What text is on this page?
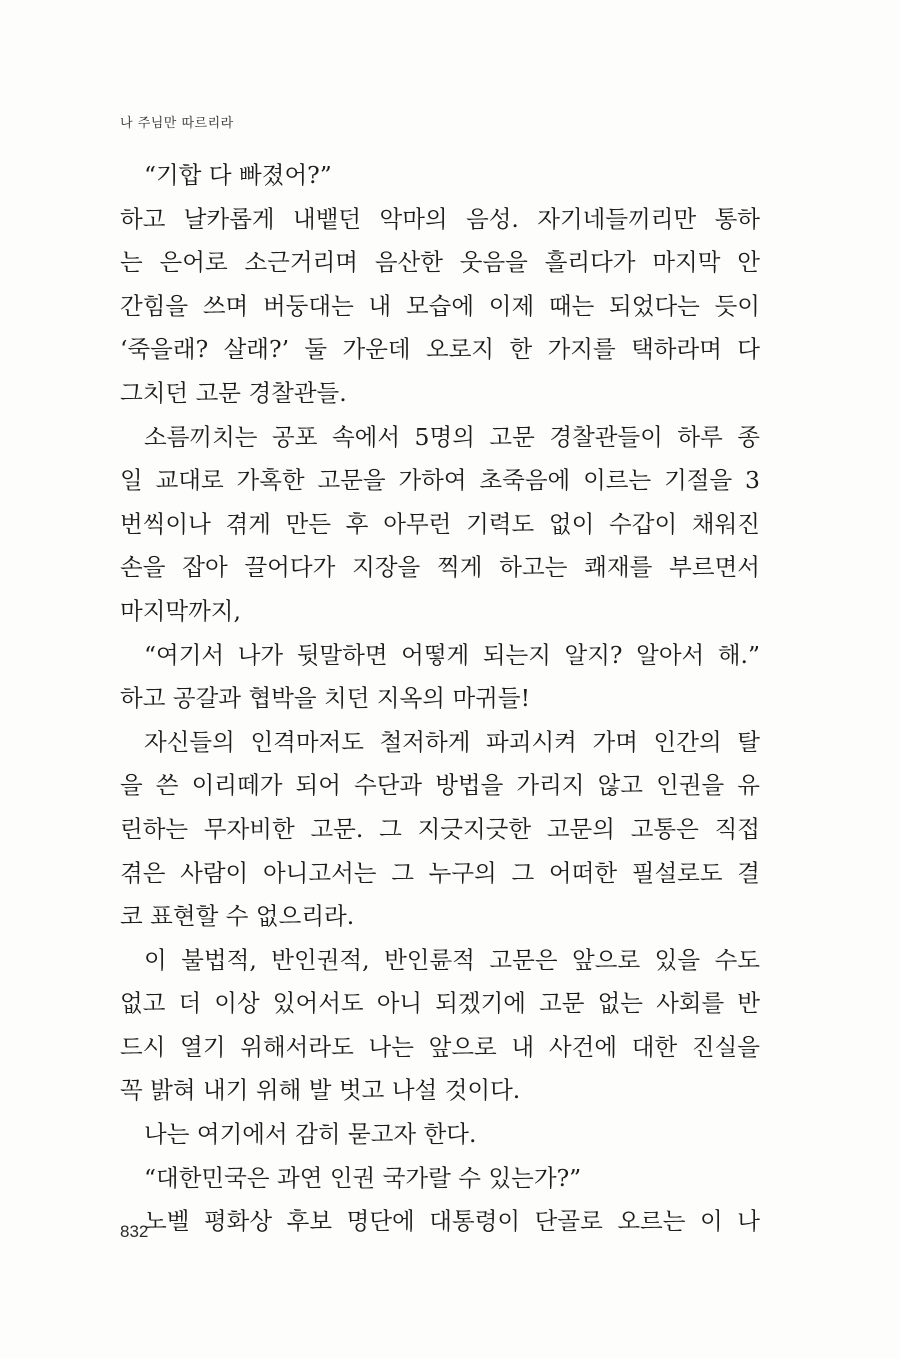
나 주님만 따르리라
“기합 다 빠졌어?”
하고 날카롭게 내뱉던 악마의 음성. 자기네들끼리만 통하
는 은어로 소근거리며 음산한 웃음을 흘리다가 마지막 안
간힘을 쓰며 버둥대는 내 모습에 이제 때는 되었다는 듯이
‘죽을래? 살래?’ 둘 가운데 오로지 한 가지를 택하라며 다
그치던 고문 경찰관들.
소름끼치는 공포 속에서 5명의 고문 경찰관들이 하루 종
일 교대로 가혹한 고문을 가하여 초죽음에 이르는 기절을 3
번씩이나 겪게 만든 후 아무런 기력도 없이 수갑이 채워진
손을 잡아 끌어다가 지장을 찍게 하고는 쾌재를 부르면서
마지막까지,
“여기서 나가 뒷말하면 어떻게 되는지 알지? 알아서 해.”
하고 공갈과 협박을 치던 지옥의 마귀들!
자신들의 인격마저도 철저하게 파괴시켜 가며 인간의 탈
을 쓴 이리떼가 되어 수단과 방법을 가리지 않고 인권을 유
린하는 무자비한 고문. 그 지긋지긋한 고문의 고통은 직접
겪은 사람이 아니고서는 그 누구의 그 어떠한 필설로도 결
코 표현할 수 없으리라.
이 불법적, 반인권적, 반인륜적 고문은 앞으로 있을 수도
없고 더 이상 있어서도 아니 되겠기에 고문 없는 사회를 반
드시 열기 위해서라도 나는 앞으로 내 사건에 대한 진실을
꼭 밝혀 내기 위해 발 벗고 나설 것이다.
나는 여기에서 감히 묻고자 한다.
“대한민국은 과연 인권 국가랄 수 있는가?”
노벨 평화상 후보 명단에 대통령이 단골로 오르는 이 나
832
